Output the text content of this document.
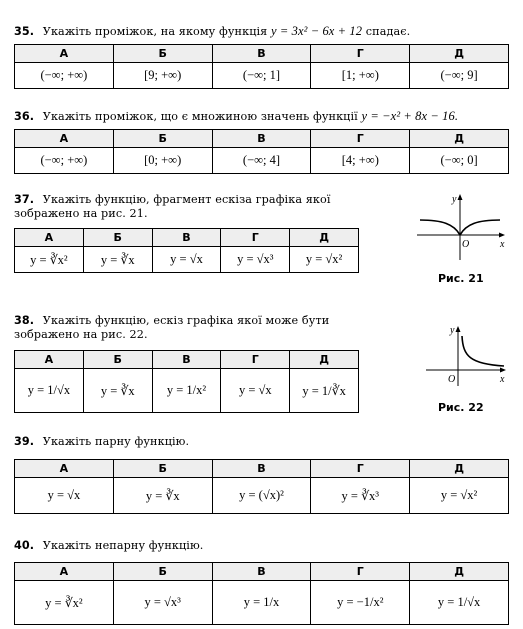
35. Укажіть проміжок, на якому функція y = 3x² − 6x + 12 спадає.
А	Б	В	Г	Д
(−∞; +∞)	[9; +∞)	(−∞; 1]	[1; +∞)	(−∞; 9]
36. Укажіть проміжок, що є множиною значень функції y = −x² + 8x − 16.
А	Б	В	Г	Д
(−∞; +∞)	[0; +∞)	(−∞; 4]	[4; +∞)	(−∞; 0]
37. Укажіть функцію, фрагмент ескіза графіка якої зображено на рис. 21.
А	Б	В	Г	Д
y = ∛x²	y = ∛x	y = √x	y = √x³	y = √x²
y
x
O
Рис. 21
38. Укажіть функцію, ескіз графіка якої може бути зображено на рис. 22.
А	Б	В	Г	Д
y = 1/√x	y = ∛x	y = 1/x²	y = √x	y = 1/∛x
y
x
O
Рис. 22
39. Укажіть парну функцію.
А	Б	В	Г	Д
y = √x	y = ∛x	y = (√x)²	y = ∛x³	y = √x²
40. Укажіть непарну функцію.
А	Б	В	Г	Д
y = ∛x²	y = √x³	y = 1/x	y = −1/x²	y = 1/√x
